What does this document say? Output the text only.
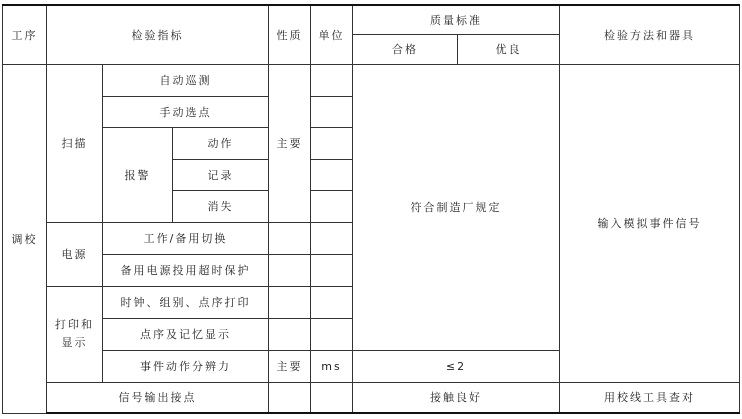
工序	检验指标			性质	单位	质量标准		检验方法和器具
						合格	优良	
调校	扫描	自动巡测		主要		符合制造厂规定		输入模拟事件信号
		手动选点						
		报警	动作					
			记录					
			消失					
	电源	工作/备用切换						
		备用电源投用超时保护						
	打印和显示	时钟、组别、点序打印						
		点序及记忆显示						
		事件动作分辨力		主要	ms	≤2		
	信号输出接点					接触良好		用校线工具查对
